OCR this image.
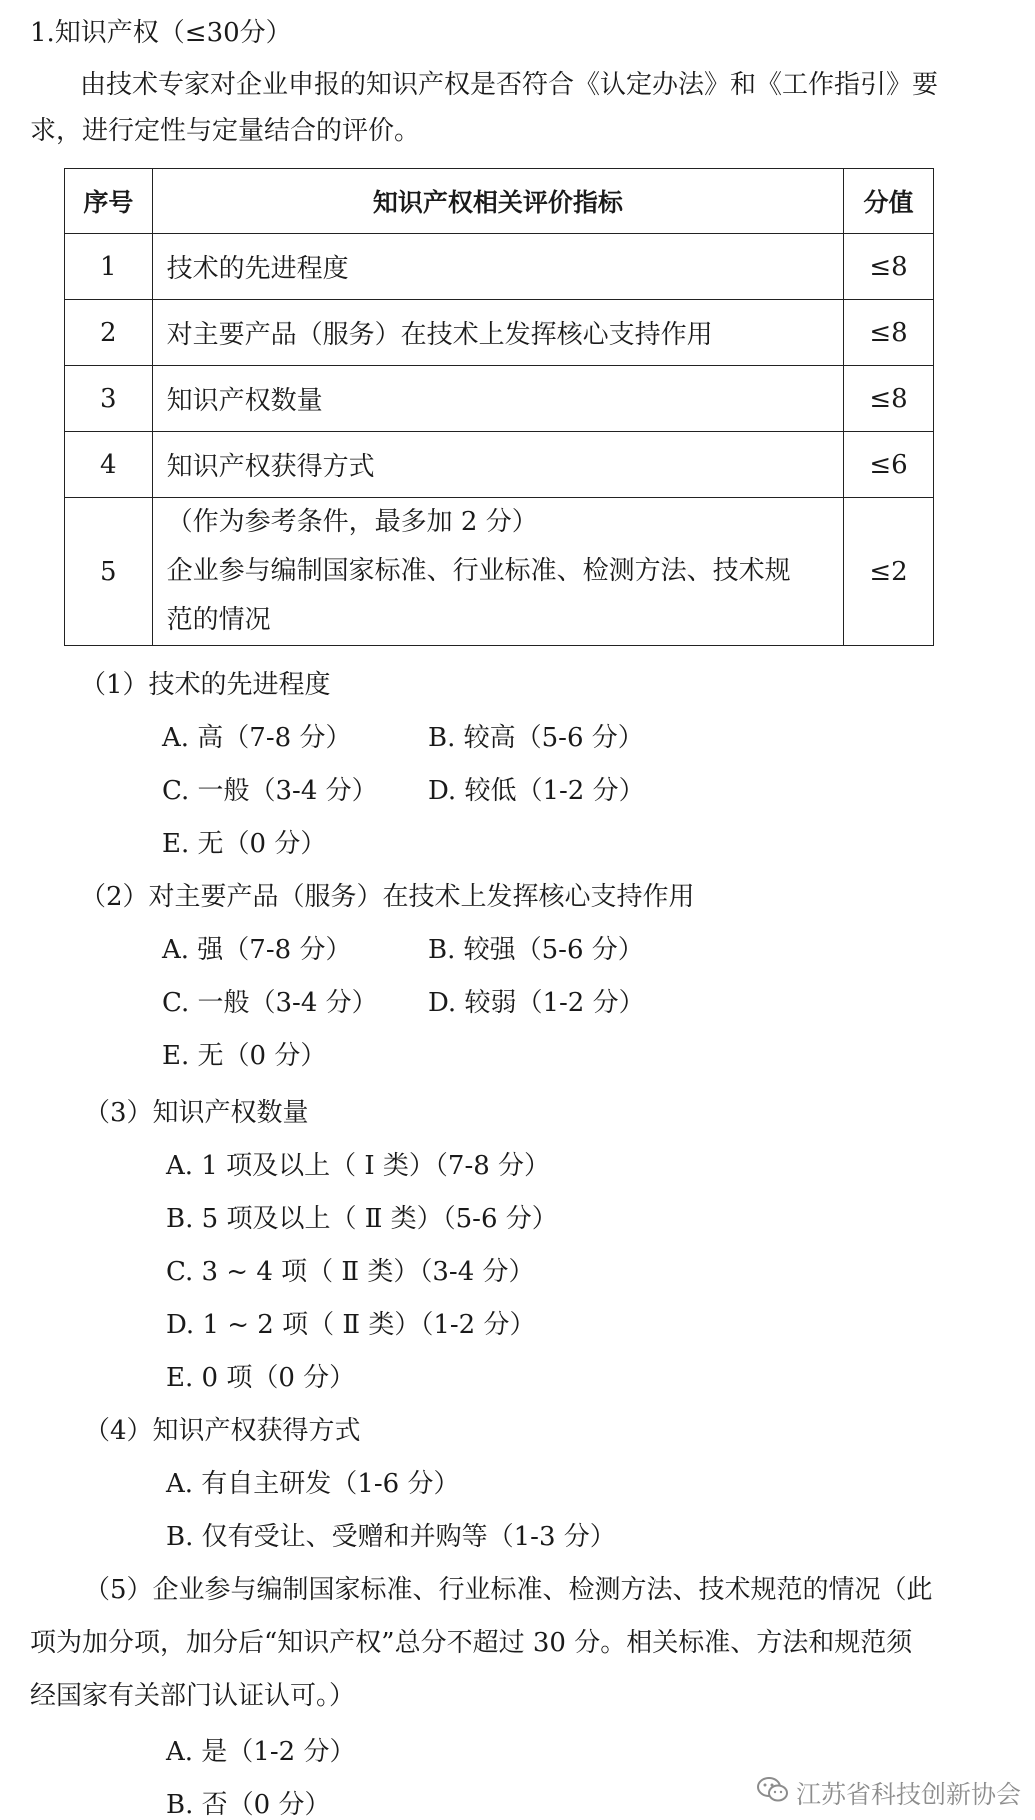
1.知识产权（≤30分）
由技术专家对企业申报的知识产权是否符合《认定办法》和《工作指引》要
求，进行定性与定量结合的评价。
序号	知识产权相关评价指标	分值
1	技术的先进程度	≤8
2	对主要产品（服务）在技术上发挥核心支持作用	≤8
3	知识产权数量	≤8
4	知识产权获得方式	≤6
5	（作为参考条件，最多加 2 分）
企业参与编制国家标准、行业标准、检测方法、技术规
范的情况	≤2
（1）技术的先进程度
A. 高（7-8 分）	B. 较高（5-6 分）
C. 一般（3-4 分） D. 较低（1-2 分）
E. 无（0 分）
（2）对主要产品（服务）在技术上发挥核心支持作用
A. 强（7-8 分）	B. 较强（5-6 分）
C. 一般（3-4 分） D. 较弱（1-2 分）
E. 无（0 分）
（3）知识产权数量
A. 1 项及以上（ Ⅰ 类）（7-8 分）
B. 5 项及以上（ Ⅱ 类）（5-6 分）
C. 3 ~ 4 项（ Ⅱ 类）（3-4 分）
D. 1 ~ 2 项（ Ⅱ 类）（1-2 分）
E. 0 项（0 分）
（4）知识产权获得方式
A. 有自主研发（1-6 分）
B. 仅有受让、受赠和并购等（1-3 分）
（5）企业参与编制国家标准、行业标准、检测方法、技术规范的情况（此
项为加分项，加分后“知识产权”总分不超过 30 分。相关标准、方法和规范须
经国家有关部门认证认可。）
A. 是（1-2 分）
B. 否（0 分）	江苏省科技创新协会
